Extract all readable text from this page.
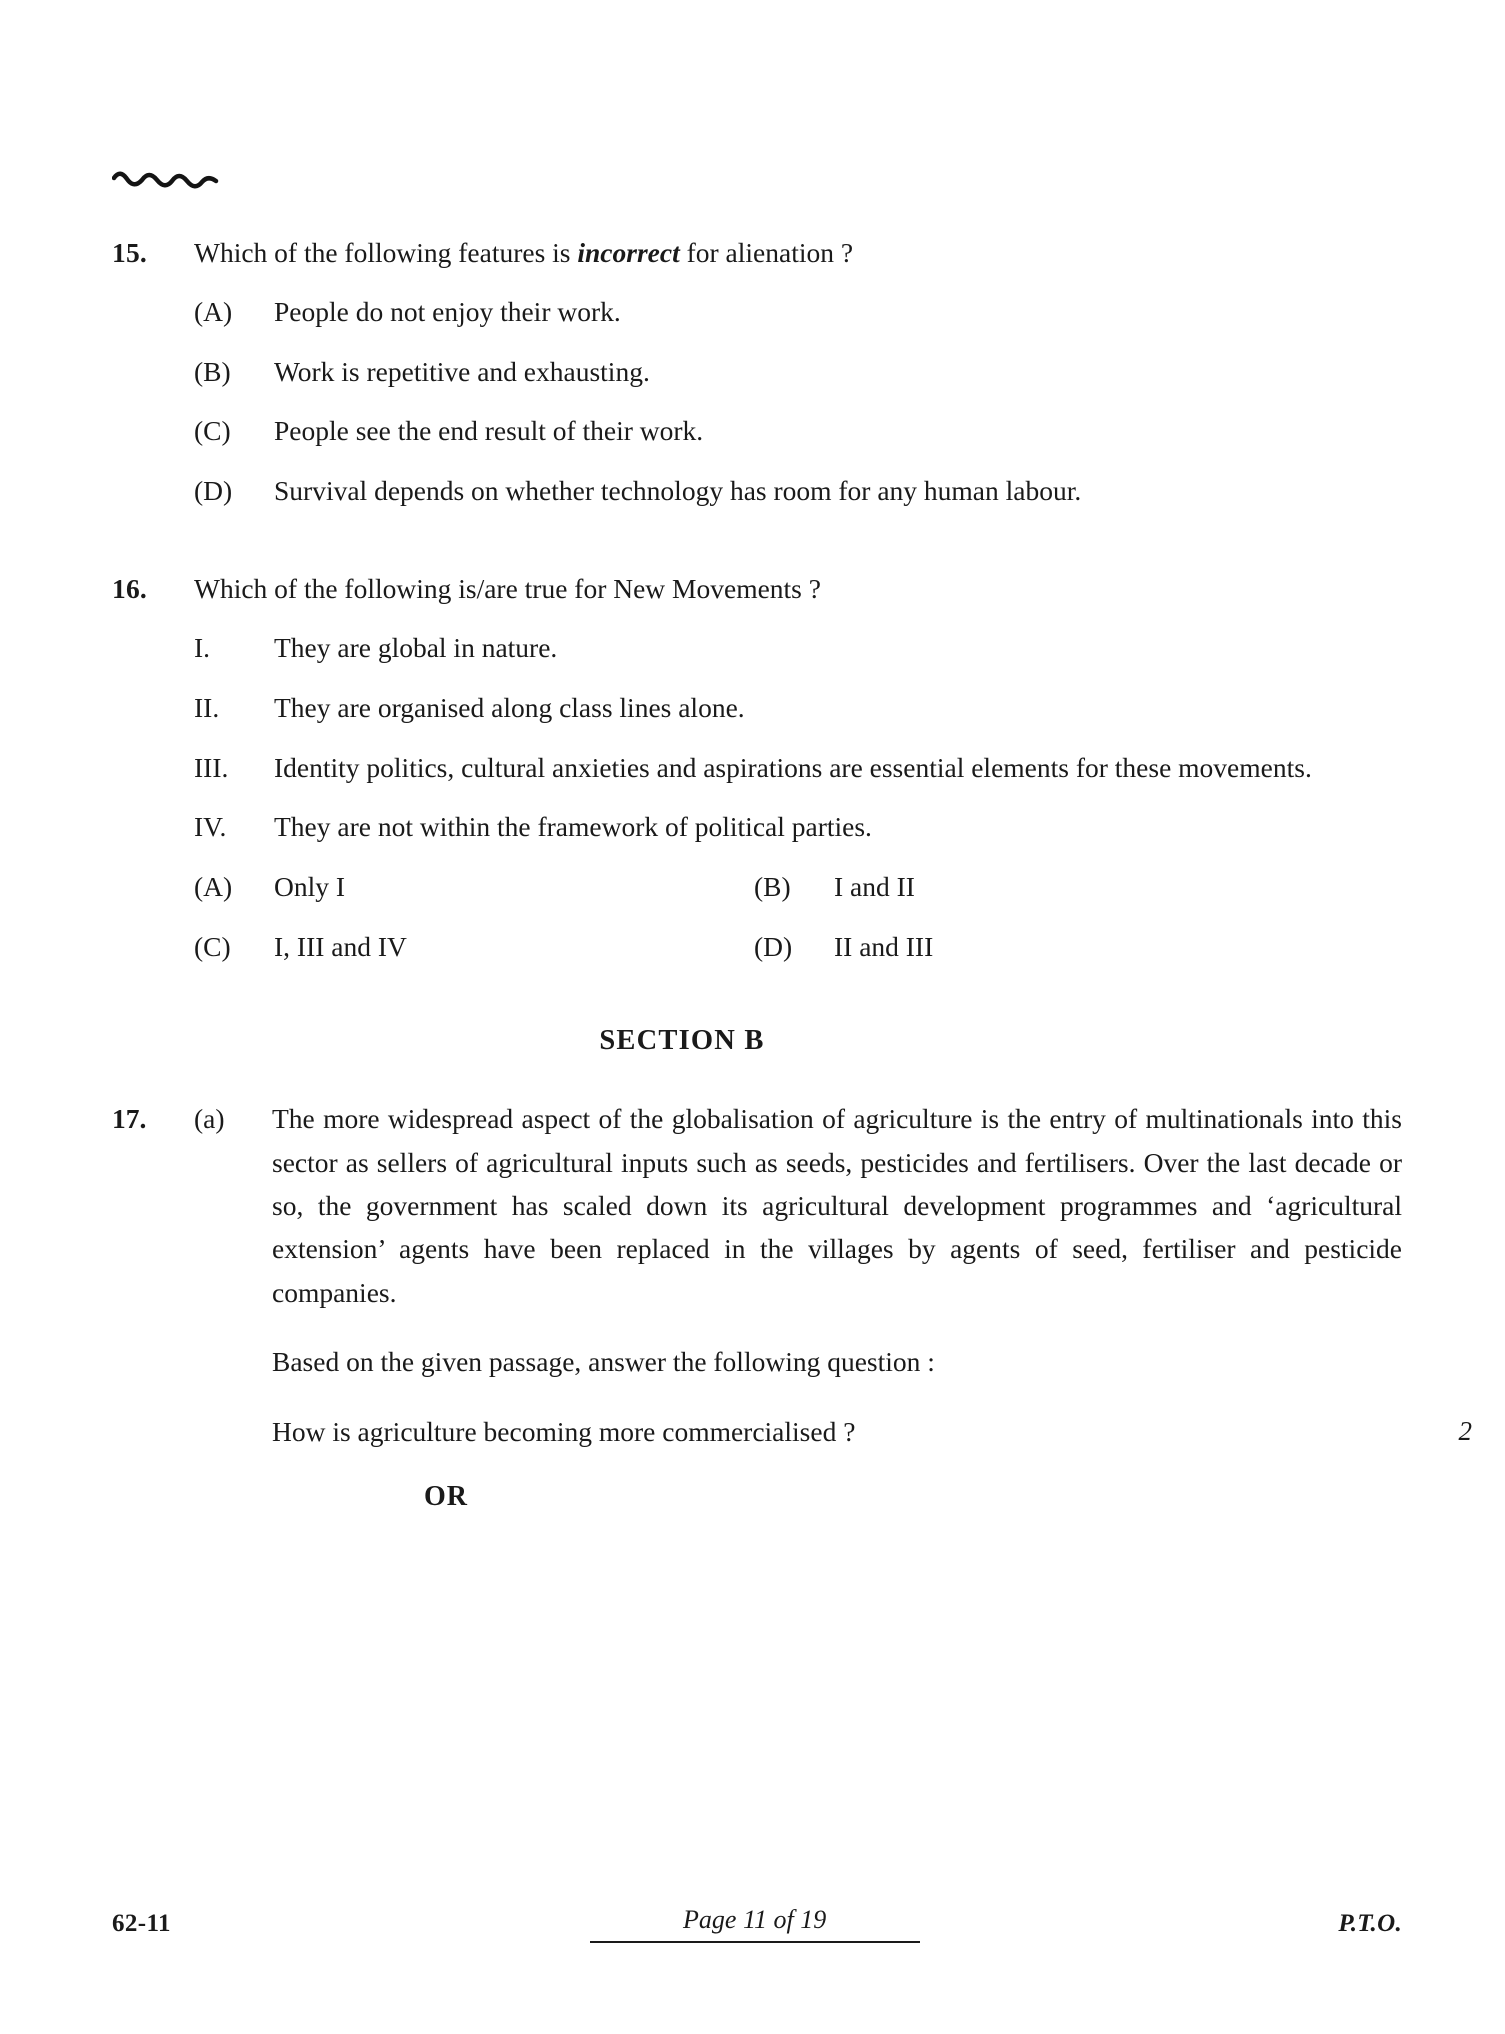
15.	Which of the following features is incorrect for alienation ?
(A)	People do not enjoy their work.
(B)	Work is repetitive and exhausting.
(C)	People see the end result of their work.
(D)	Survival depends on whether technology has room for any human labour.
16.	Which of the following is/are true for New Movements ?
I.	They are global in nature.
II.	They are organised along class lines alone.
III.	Identity politics, cultural anxieties and aspirations are essential elements for these movements.
IV.	They are not within the framework of political parties.
(A)	Only I	(B)	I and II
(C)	I, III and IV	(D)	II and III
SECTION B
17.	(a)	The more widespread aspect of the globalisation of agriculture is the entry of multinationals into this sector as sellers of agricultural inputs such as seeds, pesticides and fertilisers. Over the last decade or so, the government has scaled down its agricultural development programmes and ‘agricultural extension’ agents have been replaced in the villages by agents of seed, fertiliser and pesticide companies.

Based on the given passage, answer the following question :

How is agriculture becoming more commercialised ?	2
OR
62-11	Page 11 of 19	P.T.O.
